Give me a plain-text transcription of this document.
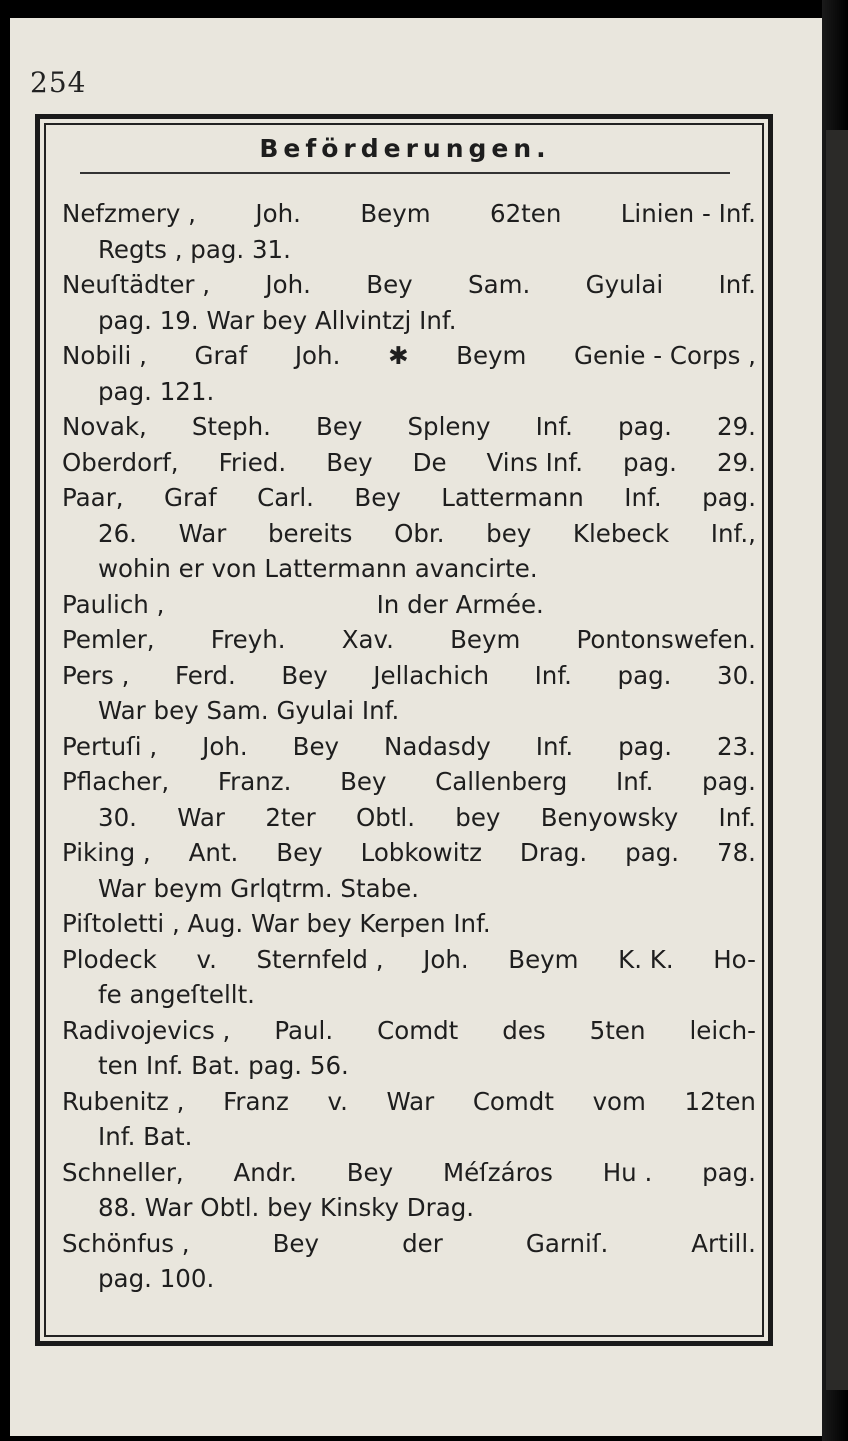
254
Beförderungen.
Nefzmery , Joh. Beym 62ten Linien - Inf.
Regts , pag. 31.
Neuſtädter , Joh. Bey Sam. Gyulai Inf.
pag. 19. War bey Allvintzj Inf.
Nobili , Graf Joh. ✱ Beym Genie - Corps ,
pag. 121.
Novak, Steph. Bey Spleny Inf. pag. 29.
Oberdorf, Fried. Bey De Vins Inf. pag. 29.
Paar, Graf Carl. Bey Lattermann Inf. pag.
26. War bereits Obr. bey Klebeck Inf.,
wohin er von Lattermann avancirte.
Paulich ,	In der Armée.
Pemler, Freyh. Xav. Beym Pontonswefen.
Pers , Ferd. Bey Jellachich Inf. pag. 30.
War bey Sam. Gyulai Inf.
Pertuſi , Joh. Bey Nadasdy Inf. pag. 23.
Pflacher, Franz. Bey Callenberg Inf. pag.
30. War 2ter Obtl. bey Benyowsky Inf.
Piking , Ant. Bey Lobkowitz Drag. pag. 78.
War beym Grlqtrm. Stabe.
Piſtoletti , Aug. War bey Kerpen Inf.
Plodeck v. Sternfeld , Joh. Beym K. K. Ho-
fe angeſtellt.
Radivojevics , Paul. Comdt des 5ten leich-
ten Inf. Bat. pag. 56.
Rubenitz , Franz v. War Comdt vom 12ten
Inf. Bat.
Schneller, Andr. Bey Méſzáros Hu . pag.
88. War Obtl. bey Kinsky Drag.
Schönfus ,	Bey	der	Garniſ.	Artill.
pag. 100.
